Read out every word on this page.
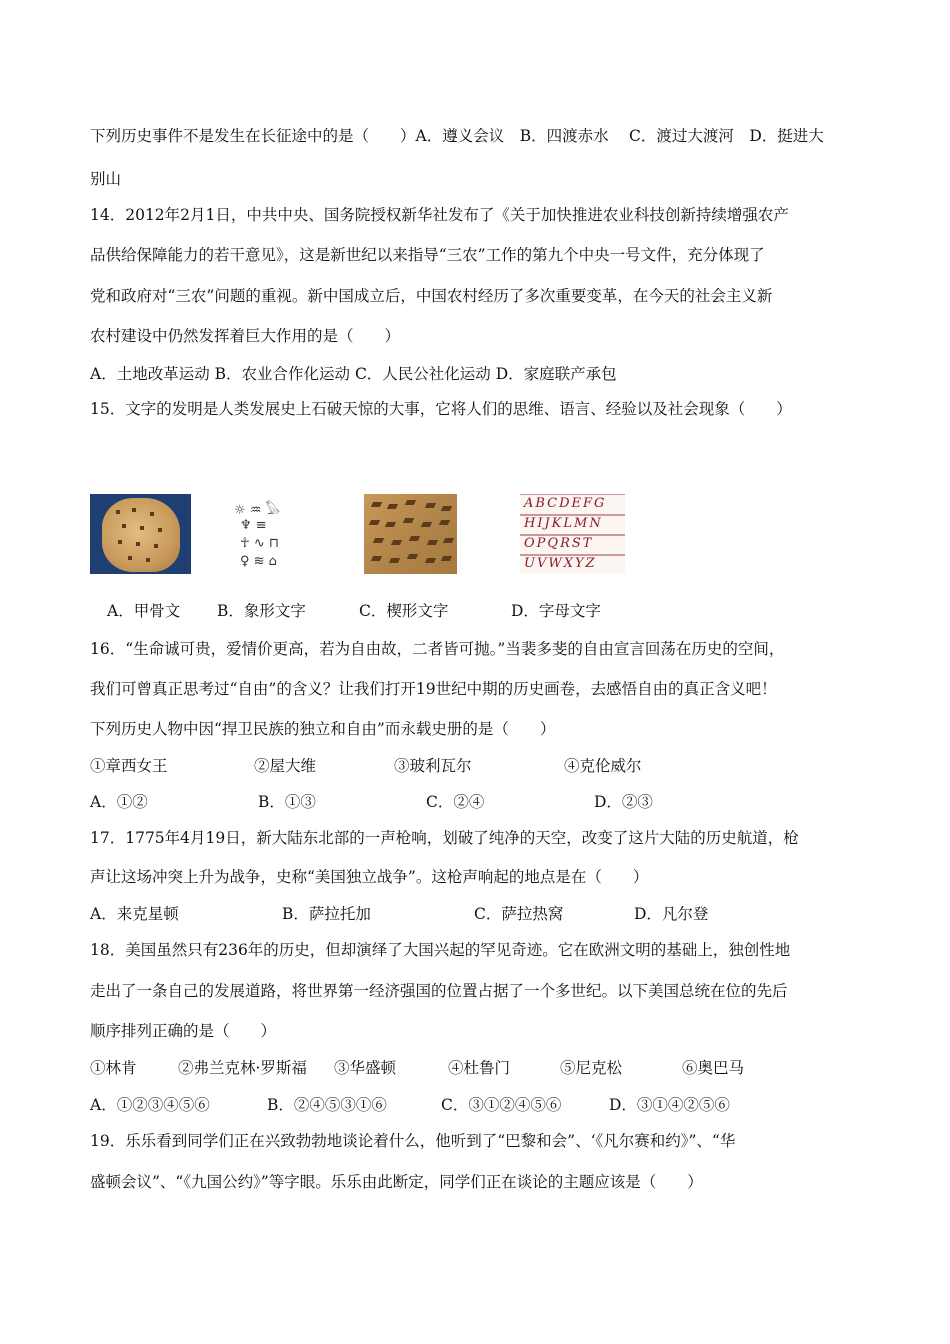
下列历史事件不是发生在长征途中的是（　　）A．遵义会议　B．四渡赤水　 C．渡过大渡河　D．挺进大
别山
14．2012年2月1日，中共中央、国务院授权新华社发布了《关于加快推进农业科技创新持续增强农产
品供给保障能力的若干意见》，这是新世纪以来指导“三农”工作的第九个中央一号文件，充分体现了
党和政府对“三农”问题的重视。新中国成立后，中国农村经历了多次重要变革，在今天的社会主义新
农村建设中仍然发挥着巨大作用的是（　　）
A．土地改革运动 B．农业合作化运动 C．人民公社化运动 D．家庭联产承包
15．文字的发明是人类发展史上石破天惊的大事，它将人们的思维、语言、经验以及社会现象（　　）
☼ ♒ 𓅃
♆ ≡
☥ ∿ ⊓
♀ ≋ ⌂
ABCDEFG
HIJKLMN
OPQRST
UVWXYZ
A．甲骨文 B．象形文字	C．楔形文字	D．字母文字
16．“生命诚可贵，爱情价更高，若为自由故，二者皆可抛。”当裴多斐的自由宣言回荡在历史的空间，
我们可曾真正思考过“自由”的含义？让我们打开19世纪中期的历史画卷，去感悟自由的真正含义吧！
下列历史人物中因“捍卫民族的独立和自由”而永载史册的是（　　）
①章西女王	②屋大维	③玻利瓦尔	④克伦威尔
A．①②	B．①③	C．②④	D．②③
17．1775年4月19日，新大陆东北部的一声枪响，划破了纯净的天空，改变了这片大陆的历史航道，枪
声让这场冲突上升为战争，史称“美国独立战争”。这枪声响起的地点是在（　　）
A．来克星顿	B．萨拉托加	C．萨拉热窝	D．凡尔登
18．美国虽然只有236年的历史，但却演绎了大国兴起的罕见奇迹。它在欧洲文明的基础上，独创性地
走出了一条自己的发展道路，将世界第一经济强国的位置占据了一个多世纪。以下美国总统在位的先后
顺序排列正确的是（　　）
①林肯	②弗兰克林·罗斯福 ③华盛顿	④杜鲁门	⑤尼克松	⑥奥巴马
A．①②③④⑤⑥	B．②④⑤③①⑥	C．③①②④⑤⑥	D．③①④②⑤⑥
19．乐乐看到同学们正在兴致勃勃地谈论着什么，他听到了“巴黎和会”、‘《凡尔赛和约》”、“华
盛顿会议”、“《九国公约》”等字眼。乐乐由此断定，同学们正在谈论的主题应该是（　　）
